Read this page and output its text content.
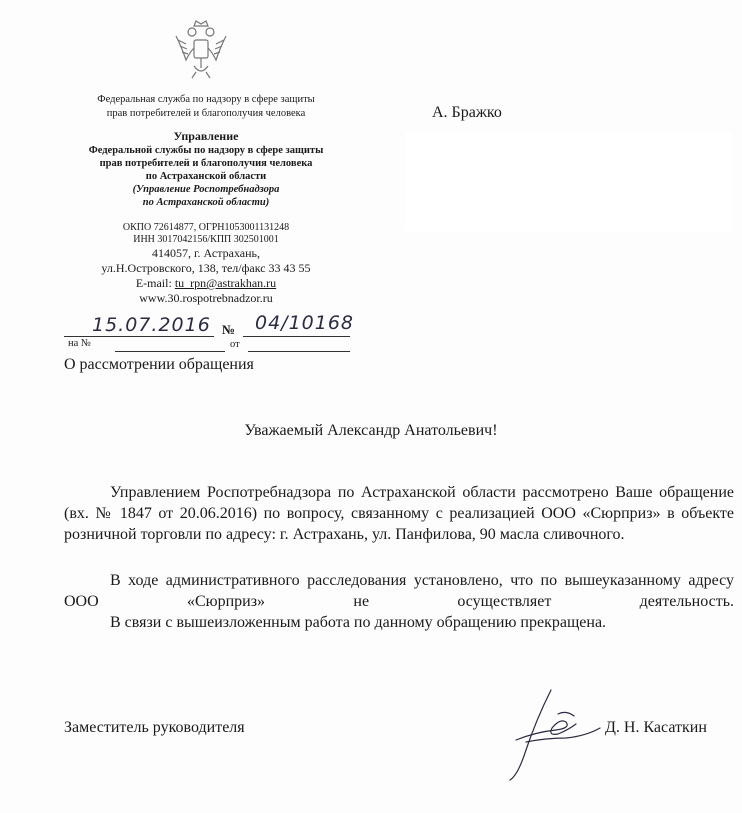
Федеральная служба по надзору в сфере защиты
прав потребителей и благополучия человека
Управление
Федеральной службы по надзору в сфере защиты
прав потребителей и благополучия человека
по Астраханской области
(Управление Роспотребнадзора
по Астраханской области)
ОКПО 72614877, ОГРН1053001131248
ИНН 3017042156/КПП 302501001
414057, г. Астрахань,
ул.Н.Островского, 138, тел/факс 33 43 55
E-mail: tu_rpn@astrakhan.ru
www.30.rospotrebnadzor.ru
15.07.2016 № 04/10168
на №	от
А. Бражко
О рассмотрении обращения
Уважаемый Александр Анатольевич!
Управлением Роспотребнадзора по Астраханской области рассмотрено Ваше обращение (вх. № 1847 от 20.06.2016) по вопросу, связанному с реализацией ООО «Сюрприз» в объекте розничной торговли по адресу: г. Астрахань, ул. Панфилова, 90 масла сливочного.
В ходе административного расследования установлено, что по вышеуказанному адресу ООО «Сюрприз» не осуществляет деятельность.
В связи с вышеизложенным работа по данному обращению прекращена.
Заместитель руководителя	Д. Н. Касаткин
